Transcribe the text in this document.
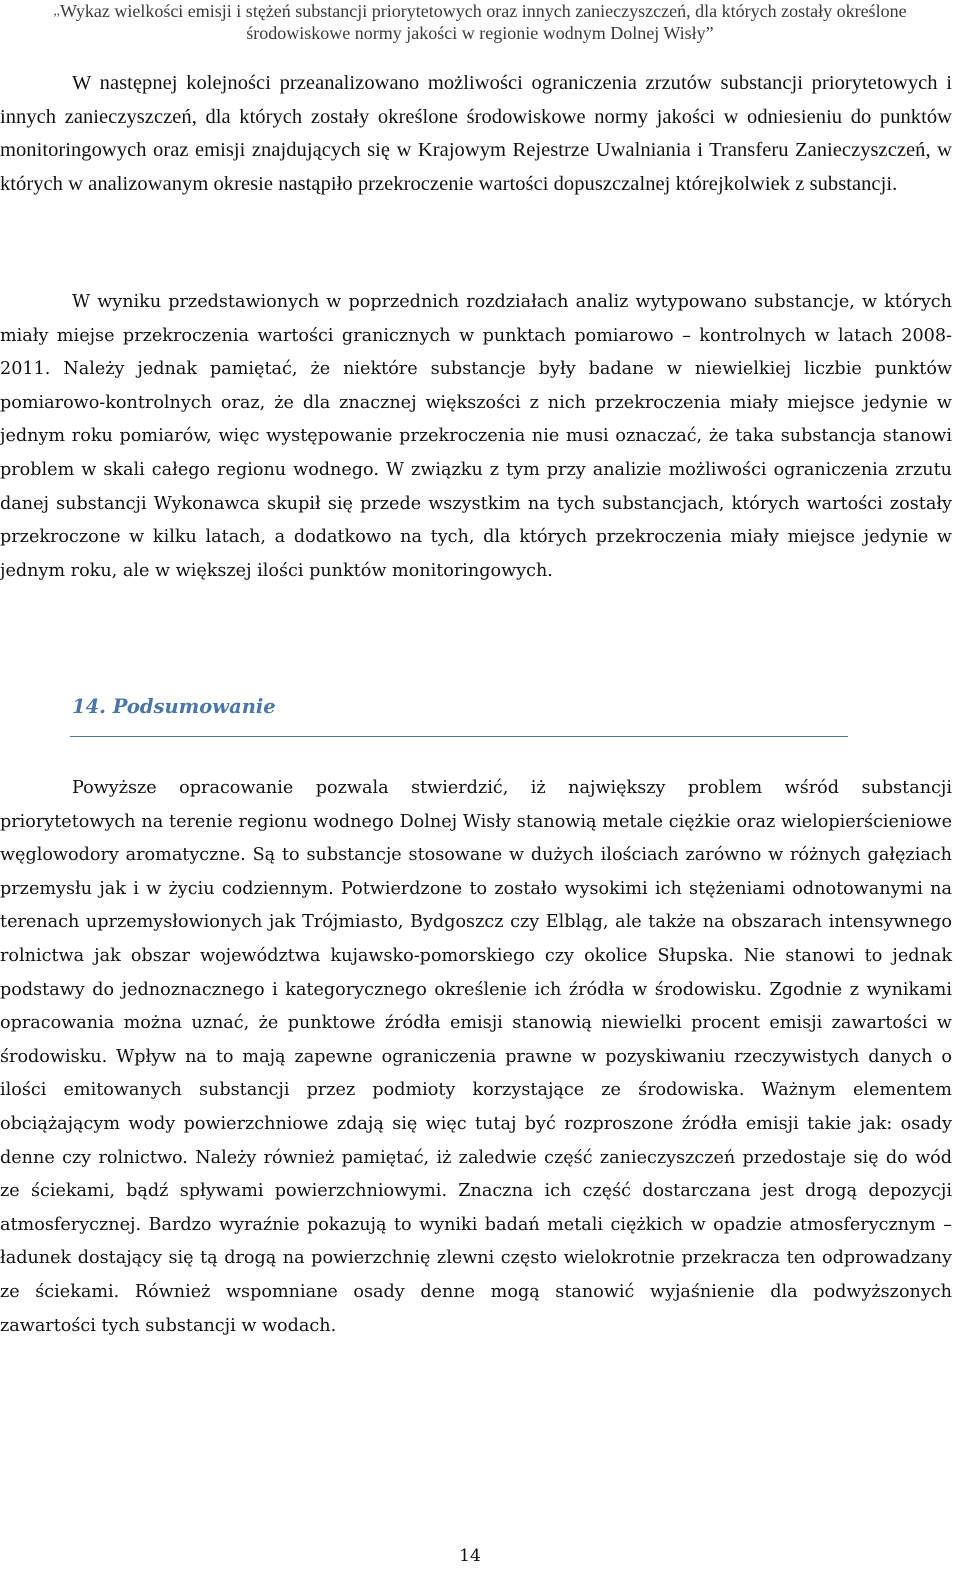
,,Wykaz wielkości emisji i stężeń substancji priorytetowych oraz innych zanieczyszczeń, dla których zostały określone
środowiskowe normy jakości w regionie wodnym Dolnej Wisły”

W następnej kolejności przeanalizowano możliwości ograniczenia zrzutów substancji priorytetowych i innych zanieczyszczeń, dla których zostały określone środowiskowe normy jakości w odniesieniu do punktów monitoringowych oraz emisji znajdujących się w Krajowym Rejestrze Uwalniania i Transferu Zanieczyszczeń, w których w analizowanym okresie nastąpiło przekroczenie wartości dopuszczalnej którejkolwiek z substancji.

W wyniku przedstawionych w poprzednich rozdziałach analiz wytypowano substancje, w których miały miejse przekroczenia wartości granicznych w punktach pomiarowo – kontrolnych w latach 2008-2011. Należy jednak pamiętać, że niektóre substancje były badane w niewielkiej liczbie punktów pomiarowo-kontrolnych oraz, że dla znacznej większości z nich przekroczenia miały miejsce jedynie w jednym roku pomiarów, więc występowanie przekroczenia nie musi oznaczać, że taka substancja stanowi problem w skali całego regionu wodnego. W związku z tym przy analizie możliwości ograniczenia zrzutu danej substancji Wykonawca skupił się przede wszystkim na tych substancjach, których wartości zostały przekroczone w kilku latach, a dodatkowo na tych, dla których przekroczenia miały miejsce jedynie w jednym roku, ale w większej ilości punktów monitoringowych.

14. Podsumowanie

Powyższe opracowanie pozwala stwierdzić, iż największy problem wśród substancji priorytetowych na terenie regionu wodnego Dolnej Wisły stanowią metale ciężkie oraz wielopierścieniowe węglowodory aromatyczne. Są to substancje stosowane w dużych ilościach zarówno w różnych gałęziach przemysłu jak i w życiu codziennym. Potwierdzone to zostało wysokimi ich stężeniami odnotowanymi na terenach uprzemysłowionych jak Trójmiasto, Bydgoszcz czy Elbląg, ale także na obszarach intensywnego rolnictwa jak obszar województwa kujawsko-pomorskiego czy okolice Słupska. Nie stanowi to jednak podstawy do jednoznacznego i kategorycznego określenie ich źródła w środowisku. Zgodnie z wynikami opracowania można uznać, że punktowe źródła emisji stanowią niewielki procent emisji zawartości w środowisku. Wpływ na to mają zapewne ograniczenia prawne w pozyskiwaniu rzeczywistych danych o ilości emitowanych substancji przez podmioty korzystające ze środowiska. Ważnym elementem obciążającym wody powierzchniowe zdają się więc tutaj być rozproszone źródła emisji takie jak: osady denne czy rolnictwo. Należy również pamiętać, iż zaledwie część zanieczyszczeń przedostaje się do wód ze ściekami, bądź spływami powierzchniowymi. Znaczna ich część dostarczana jest drogą depozycji atmosferycznej. Bardzo wyraźnie pokazują to wyniki badań metali ciężkich w opadzie atmosferycznym – ładunek dostający się tą drogą na powierzchnię zlewni często wielokrotnie przekracza ten odprowadzany ze ściekami. Również wspomniane osady denne mogą stanowić wyjaśnienie dla podwyższonych zawartości tych substancji w wodach.

14
